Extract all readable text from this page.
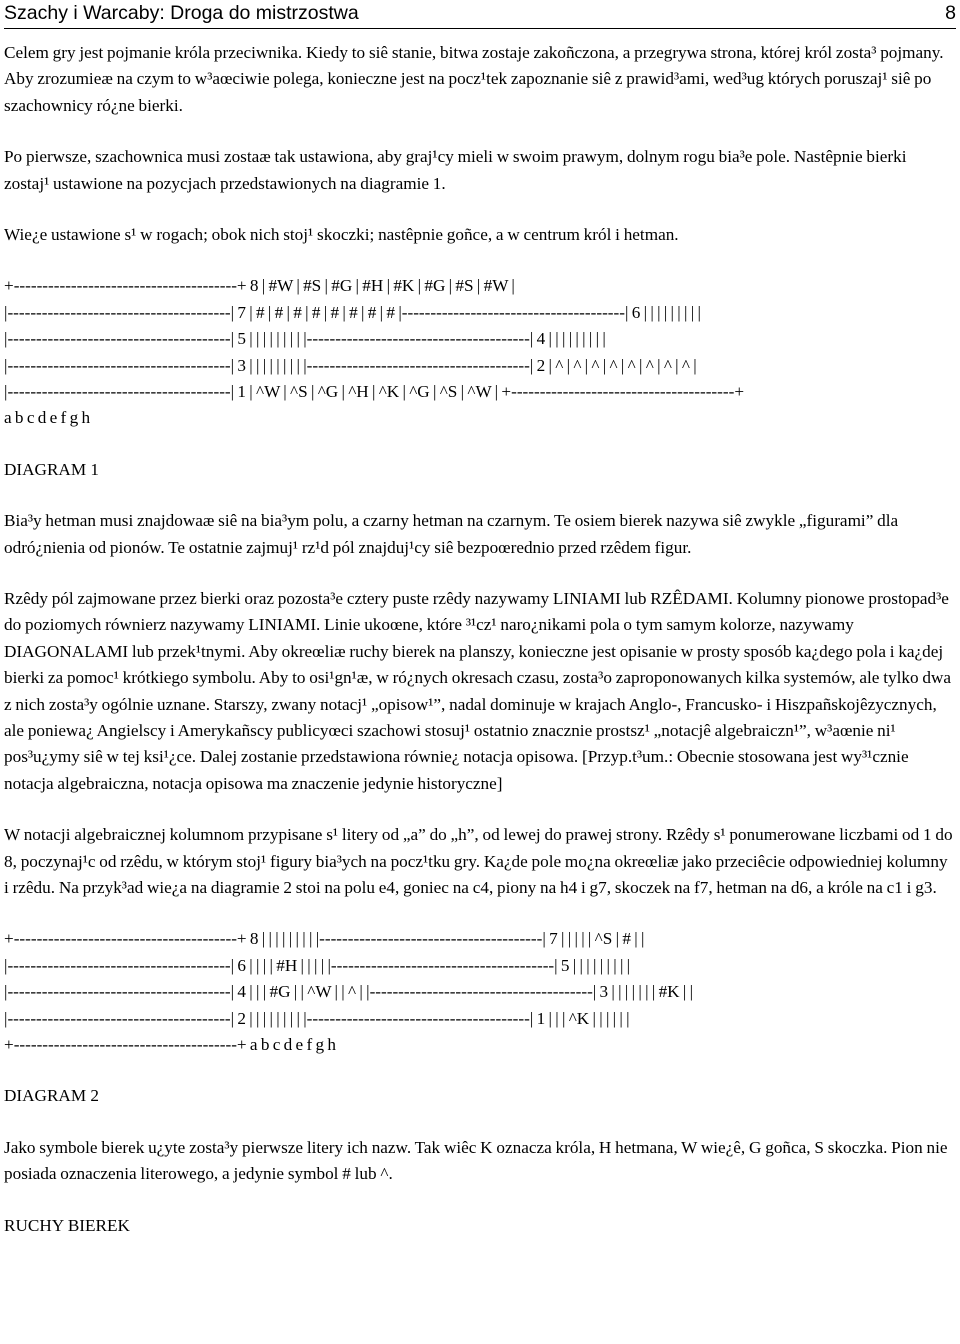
Szachy i Warcaby: Droga do mistrzostwa	8

Celem gry jest pojmanie króla przeciwnika. Kiedy to siê stanie, bitwa zostaje zakoñczona, a przegrywa strona, której król zosta³ pojmany. Aby zrozumieæ na czym to w³aœciwie polega, konieczne jest na pocz¹tek zapoznanie siê z prawid³ami, wed³ug których poruszaj¹ siê po szachownicy ró¿ne bierki.

Po pierwsze, szachownica musi zostaæ tak ustawiona, aby graj¹cy mieli w swoim prawym, dolnym rogu bia³e pole. Nastêpnie bierki zostaj¹ ustawione na pozycjach przedstawionych na diagramie 1.

Wie¿e ustawione s¹ w rogach; obok nich stoj¹ skoczki; nastêpnie goñce, a w centrum król i hetman.

+---------------------------------------+ 8 | #W | #S | #G | #H | #K | #G | #S | #W |
|---------------------------------------| 7 | # | # | # | # | # | # | # | # |---------------------------------------| 6 | | | | | | | | |
|---------------------------------------| 5 | | | | | | | | |---------------------------------------| 4 | | | | | | | | |
|---------------------------------------| 3 | | | | | | | | |---------------------------------------| 2 | ^ | ^ | ^ | ^ | ^ | ^ | ^ | ^ |
|---------------------------------------| 1 | ^W | ^S | ^G | ^H | ^K | ^G | ^S | ^W | +---------------------------------------+
a b c d e f g h
DIAGRAM 1

Bia³y hetman musi znajdowaæ siê na bia³ym polu, a czarny hetman na czarnym. Te osiem bierek nazywa siê zwykle „figurami” dla odró¿nienia od pionów. Te ostatnie zajmuj¹ rz¹d pól znajduj¹cy siê bezpoœrednio przed rzêdem figur.

Rzêdy pól zajmowane przez bierki oraz pozosta³e cztery puste rzêdy nazywamy LINIAMI lub RZÊDAMI. Kolumny pionowe prostopad³e do poziomych równierz nazywamy LINIAMI. Linie ukoœne, które ³¹cz¹ naro¿nikami pola o tym samym kolorze, nazywamy DIAGONALAMI lub przek¹tnymi. Aby okreœliæ ruchy bierek na planszy, konieczne jest opisanie w prosty sposób ka¿dego pola i ka¿dej bierki za pomoc¹ krótkiego symbolu. Aby to osi¹gn¹æ, w ró¿nych okresach czasu, zosta³o zaproponowanych kilka systemów, ale tylko dwa z nich zosta³y ogólnie uznane. Starszy, zwany notacj¹ „opisow¹”, nadal dominuje w krajach Anglo-, Francusko- i Hiszpañskojêzycznych, ale poniewa¿ Angielscy i Amerykañscy publicyœci szachowi stosuj¹ ostatnio znacznie prostsz¹ „notacjê algebraiczn¹”, w³aœnie ni¹ pos³u¿ymy siê w tej ksi¹¿ce. Dalej zostanie przedstawiona równie¿ notacja opisowa. [Przyp.t³um.: Obecnie stosowana jest wy³¹cznie notacja algebraiczna, notacja opisowa ma znaczenie jedynie historyczne]

W notacji algebraicznej kolumnom przypisane s¹ litery od „a” do „h”, od lewej do prawej strony. Rzêdy s¹ ponumerowane liczbami od 1 do 8, poczynaj¹c od rzêdu, w którym stoj¹ figury bia³ych na pocz¹tku gry. Ka¿de pole mo¿na okreœliæ jako przeciêcie odpowiedniej kolumny i rzêdu. Na przyk³ad wie¿a na diagramie 2 stoi na polu e4, goniec na c4, piony na h4 i g7, skoczek na f7, hetman na d6, a króle na c1 i g3.

+---------------------------------------+ 8 | | | | | | | | |---------------------------------------| 7 | | | | | ^S | # | |
|---------------------------------------| 6 | | | | #H | | | | |---------------------------------------| 5 | | | | | | | | |
|---------------------------------------| 4 | | | #G | | ^W | | ^ | |---------------------------------------| 3 | | | | | | | #K | |
|---------------------------------------| 2 | | | | | | | | |---------------------------------------| 1 | | | ^K | | | | | |
+---------------------------------------+ a b c d e f g h
DIAGRAM 2

Jako symbole bierek u¿yte zosta³y pierwsze litery ich nazw. Tak wiêc K oznacza króla, H hetmana, W wie¿ê, G goñca, S skoczka. Pion nie posiada oznaczenia literowego, a jedynie symbol # lub ^.

RUCHY BIEREK
